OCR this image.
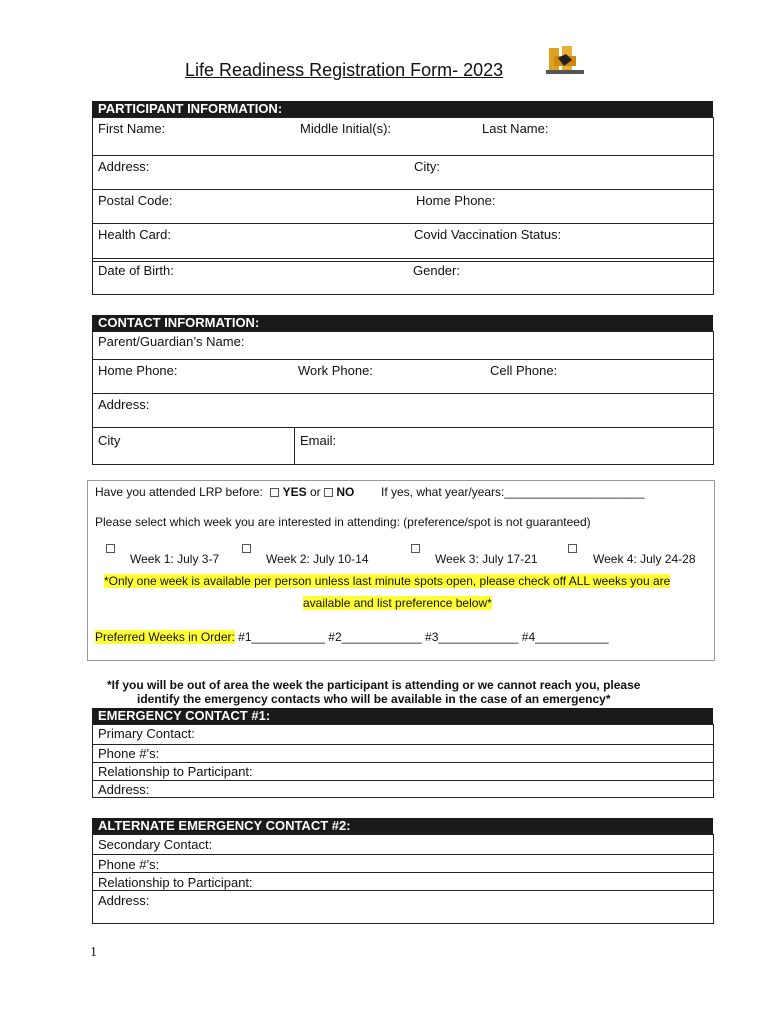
Life Readiness Registration Form- 2023
PARTICIPANT INFORMATION:
First Name:	Middle Initial(s):	Last Name:
Address:	City:
Postal Code:	Home Phone:
Health Card:	Covid Vaccination Status:
Date of Birth:	Gender:
CONTACT INFORMATION:
Parent/Guardian’s Name:
Home Phone:	Work Phone:	Cell Phone:
Address:
City	Email:
Have you attended LRP before: YES or NO If yes, what year/years:_____________________
Please select which week you are interested in attending: (preference/spot is not guaranteed)
Week 1: July 3-7	Week 2: July 10-14	Week 3: July 17-21	Week 4: July 24-28
*Only one week is available per person unless last minute spots open, please check off ALL weeks you are
available and list preference below*
Preferred Weeks in Order: #1___________ #2____________ #3____________ #4___________
*If you will be out of area the week the participant is attending or we cannot reach you, please
identify the emergency contacts who will be available in the case of an emergency*
EMERGENCY CONTACT #1:
Primary Contact:
Phone #’s:
Relationship to Participant:
Address:
ALTERNATE EMERGENCY CONTACT #2:
Secondary Contact:
Phone #’s:
Relationship to Participant:
Address:
1
